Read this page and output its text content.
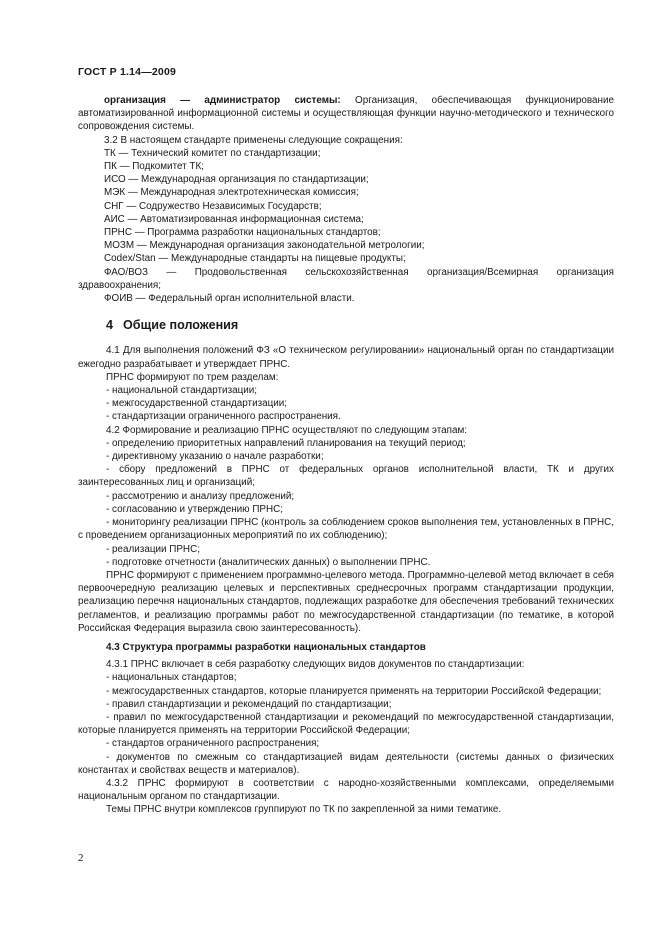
ГОСТ Р 1.14—2009

организация — администратор системы: Организация, обеспечивающая функционирование автоматизированной информационной системы и осуществляющая функции научно-методического и технического сопровождения системы.

3.2 В настоящем стандарте применены следующие сокращения:

ТК — Технический комитет по стандартизации;

ПК — Подкомитет ТК;

ИСО — Международная организация по стандартизации;

МЭК — Международная электротехническая комиссия;

СНГ — Содружество Независимых Государств;

АИС — Автоматизированная информационная система;

ПРНС — Программа разработки национальных стандартов;

МОЗМ — Международная организация законодательной метрологии;

Codex/Stan — Международные стандарты на пищевые продукты;

ФАО/ВОЗ — Продовольственная сельскохозяйственная организация/Всемирная организация здравоохранения;

ФОИВ — Федеральный орган исполнительной власти.

4 Общие положения

4.1 Для выполнения положений ФЗ «О техническом регулировании» национальный орган по стандартизации ежегодно разрабатывает и утверждает ПРНС.

ПРНС формируют по трем разделам:

- национальной стандартизации;

- межгосударственной стандартизации;

- стандартизации ограниченного распространения.

4.2 Формирование и реализацию ПРНС осуществляют по следующим этапам:

- определению приоритетных направлений планирования на текущий период;

- директивному указанию о начале разработки;

- сбору предложений в ПРНС от федеральных органов исполнительной власти, ТК и других заинтересованных лиц и организаций;

- рассмотрению и анализу предложений;

- согласованию и утверждению ПРНС;

- мониторингу реализации ПРНС (контроль за соблюдением сроков выполнения тем, установленных в ПРНС, с проведением организационных мероприятий по их соблюдению);

- реализации ПРНС;

- подготовке отчетности (аналитических данных) о выполнении ПРНС.

ПРНС формируют с применением программно-целевого метода. Программно-целевой метод включает в себя первоочередную реализацию целевых и перспективных среднесрочных программ стандартизации продукции, реализацию перечня национальных стандартов, подлежащих разработке для обеспечения требований технических регламентов, и реализацию программы работ по межгосударственной стандартизации (по тематике, в которой Российская Федерация выразила свою заинтересованность).

4.3 Структура программы разработки национальных стандартов

4.3.1 ПРНС включает в себя разработку следующих видов документов по стандартизации:

- национальных стандартов;

- межгосударственных стандартов, которые планируется применять на территории Российской Федерации;

- правил стандартизации и рекомендаций по стандартизации;

- правил по межгосударственной стандартизации и рекомендаций по межгосударственной стандартизации, которые планируется применять на территории Российской Федерации;

- стандартов ограниченного распространения;

- документов по смежным со стандартизацией видам деятельности (системы данных о физических константах и свойствах веществ и материалов).

4.3.2 ПРНС формируют в соответствии с народно-хозяйственными комплексами, определяемыми национальным органом по стандартизации.

Темы ПРНС внутри комплексов группируют по ТК по закрепленной за ними тематике.

2
